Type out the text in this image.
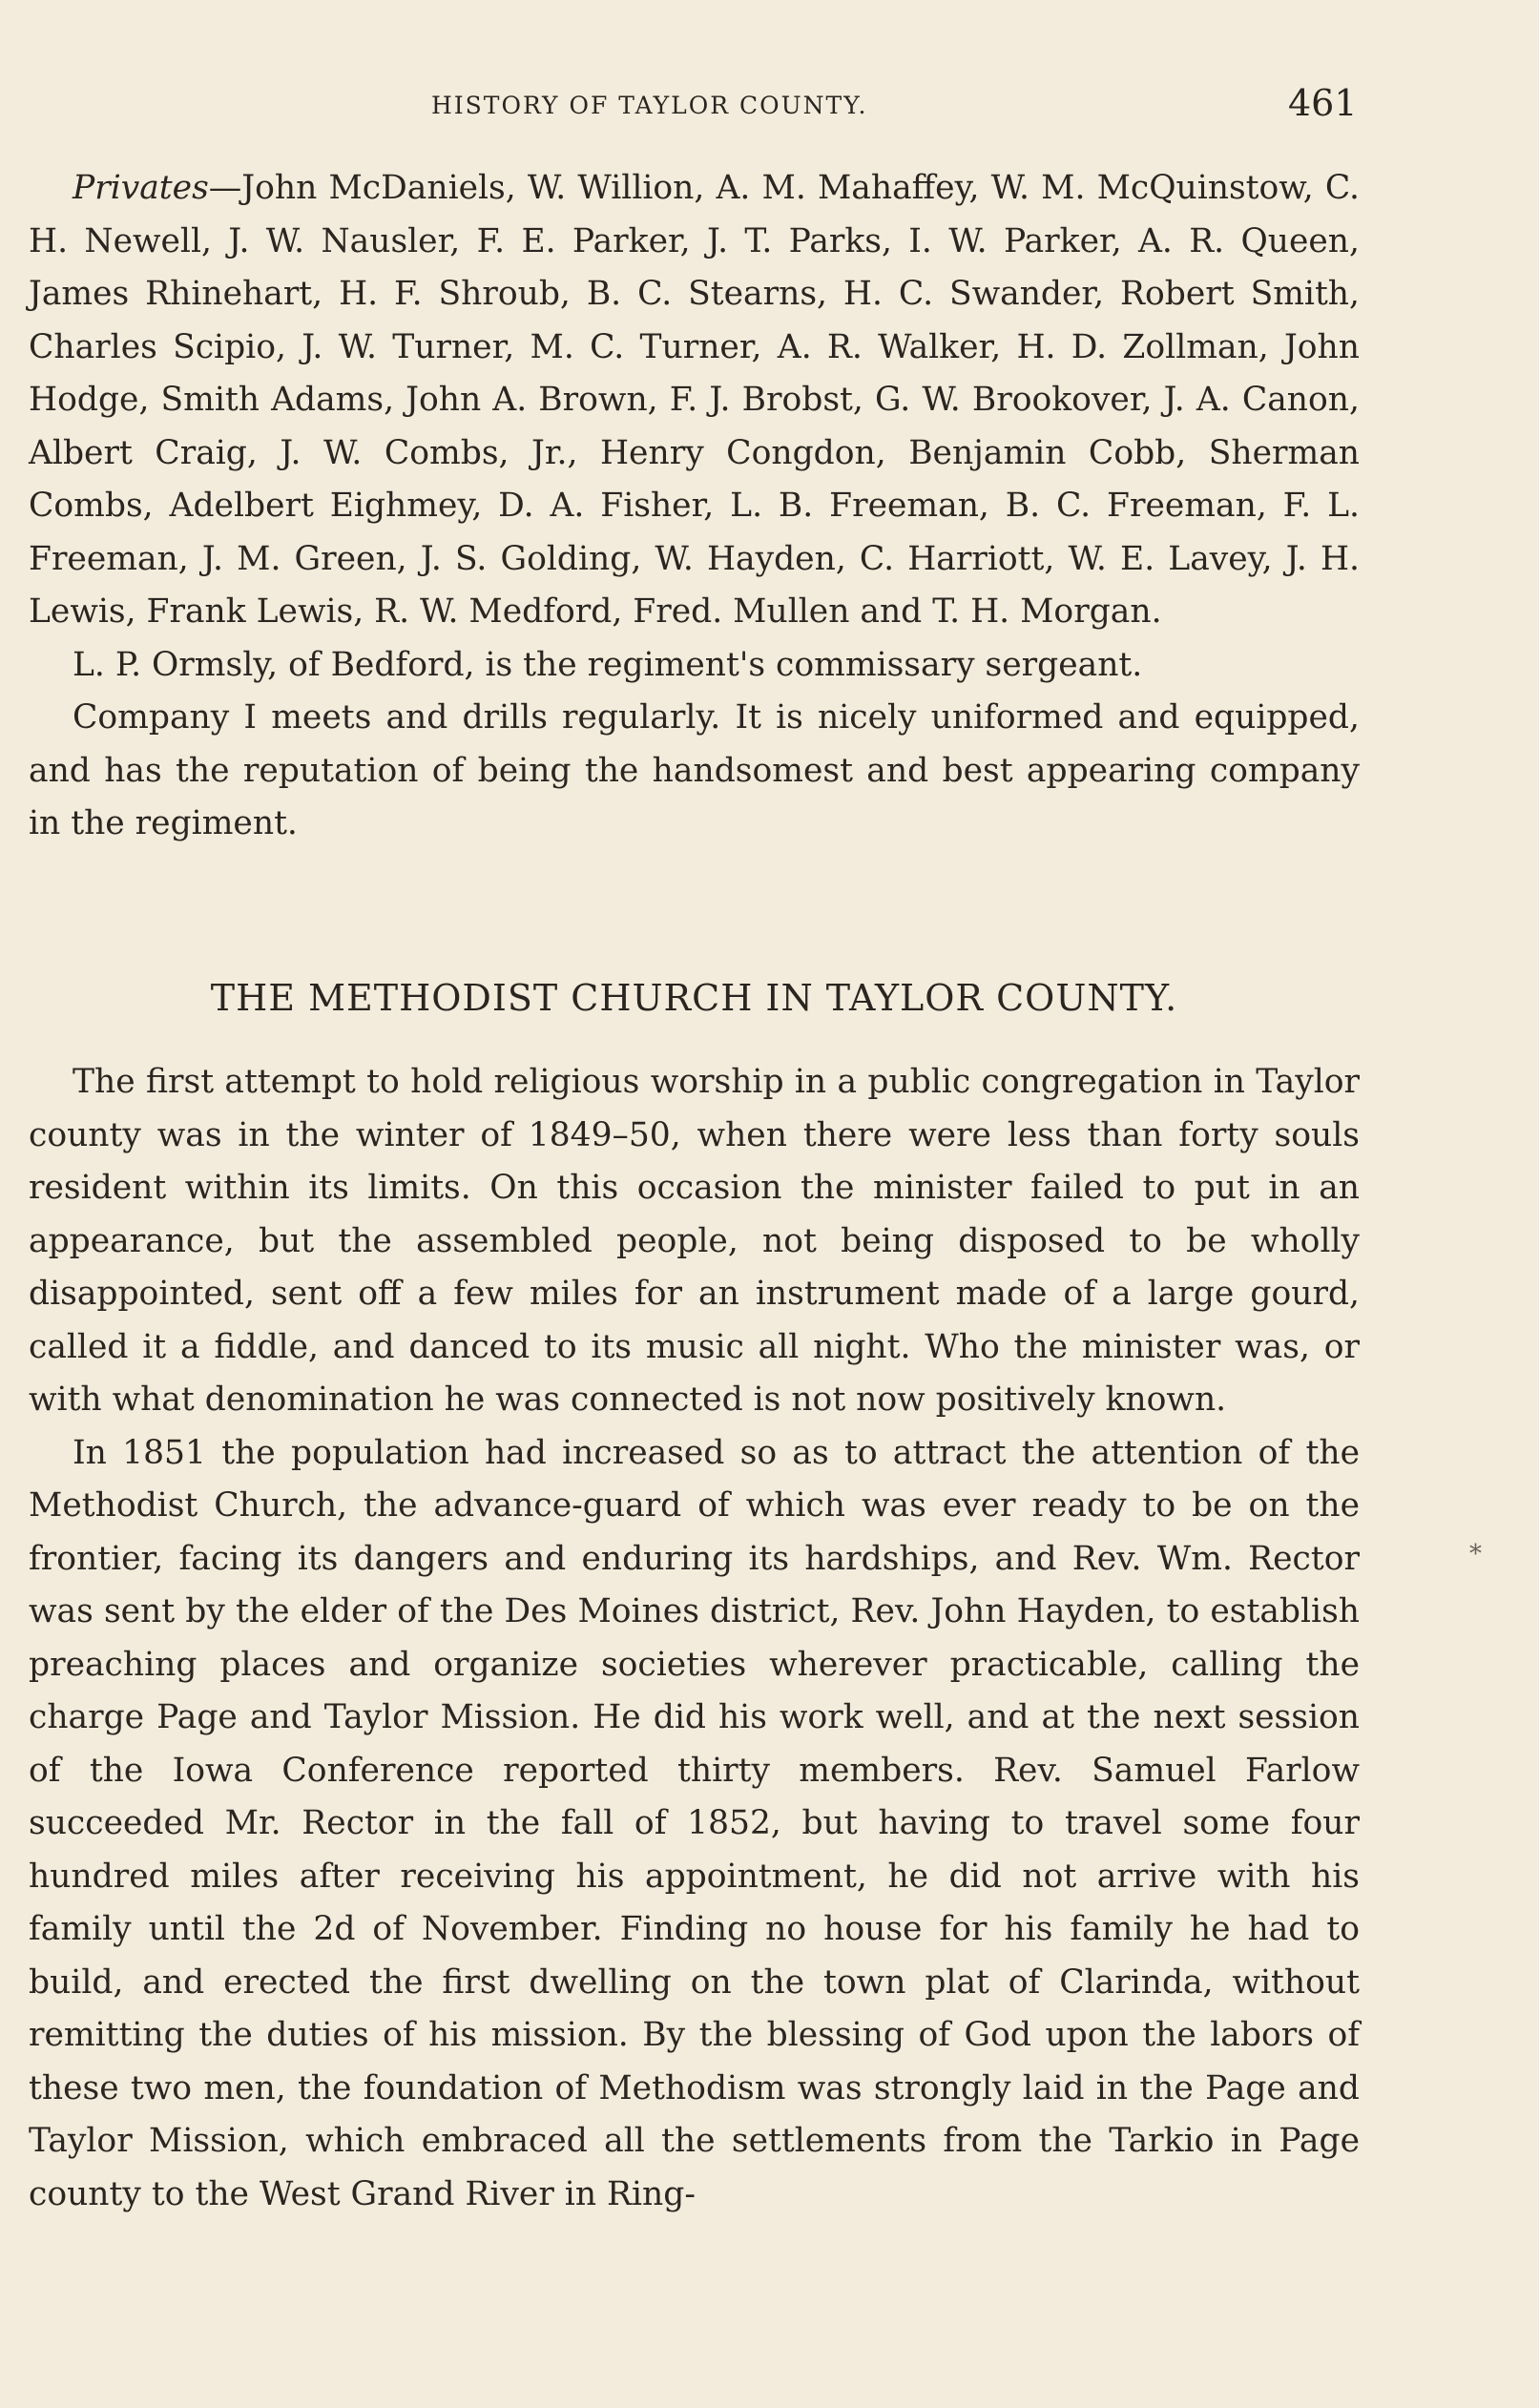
HISTORY OF TAYLOR COUNTY.	461

Privates—John McDaniels, W. Willion, A. M. Mahaffey, W. M. McQuinstow, C. H. Newell, J. W. Nausler, F. E. Parker, J. T. Parks, I. W. Parker, A. R. Queen, James Rhinehart, H. F. Shroub, B. C. Stearns, H. C. Swander, Robert Smith, Charles Scipio, J. W. Turner, M. C. Turner, A. R. Walker, H. D. Zollman, John Hodge, Smith Adams, John A. Brown, F. J. Brobst, G. W. Brookover, J. A. Canon, Albert Craig, J. W. Combs, Jr., Henry Congdon, Benjamin Cobb, Sherman Combs, Adelbert Eighmey, D. A. Fisher, L. B. Freeman, B. C. Freeman, F. L. Freeman, J. M. Green, J. S. Golding, W. Hayden, C. Harriott, W. E. Lavey, J. H. Lewis, Frank Lewis, R. W. Medford, Fred. Mullen and T. H. Morgan.

L. P. Ormsly, of Bedford, is the regiment's commissary sergeant.

Company I meets and drills regularly. It is nicely uniformed and equipped, and has the reputation of being the handsomest and best appearing company in the regiment.

THE METHODIST CHURCH IN TAYLOR COUNTY.

The first attempt to hold religious worship in a public congregation in Taylor county was in the winter of 1849–50, when there were less than forty souls resident within its limits. On this occasion the minister failed to put in an appearance, but the assembled people, not being disposed to be wholly disappointed, sent off a few miles for an instrument made of a large gourd, called it a fiddle, and danced to its music all night. Who the minister was, or with what denomination he was connected is not now positively known.

In 1851 the population had increased so as to attract the attention of the Methodist Church, the advance-guard of which was ever ready to be on the frontier, facing its dangers and enduring its hardships, and Rev. Wm. Rector was sent by the elder of the Des Moines district, Rev. John Hayden, to establish preaching places and organize societies wherever practicable, calling the charge Page and Taylor Mission. He did his work well, and at the next session of the Iowa Conference reported thirty members. Rev. Samuel Farlow succeeded Mr. Rector in the fall of 1852, but having to travel some four hundred miles after receiving his appointment, he did not arrive with his family until the 2d of November. Finding no house for his family he had to build, and erected the first dwelling on the town plat of Clarinda, without remitting the duties of his mission. By the blessing of God upon the labors of these two men, the foundation of Methodism was strongly laid in the Page and Taylor Mission, which embraced all the settlements from the Tarkio in Page county to the West Grand River in Ring-

*
